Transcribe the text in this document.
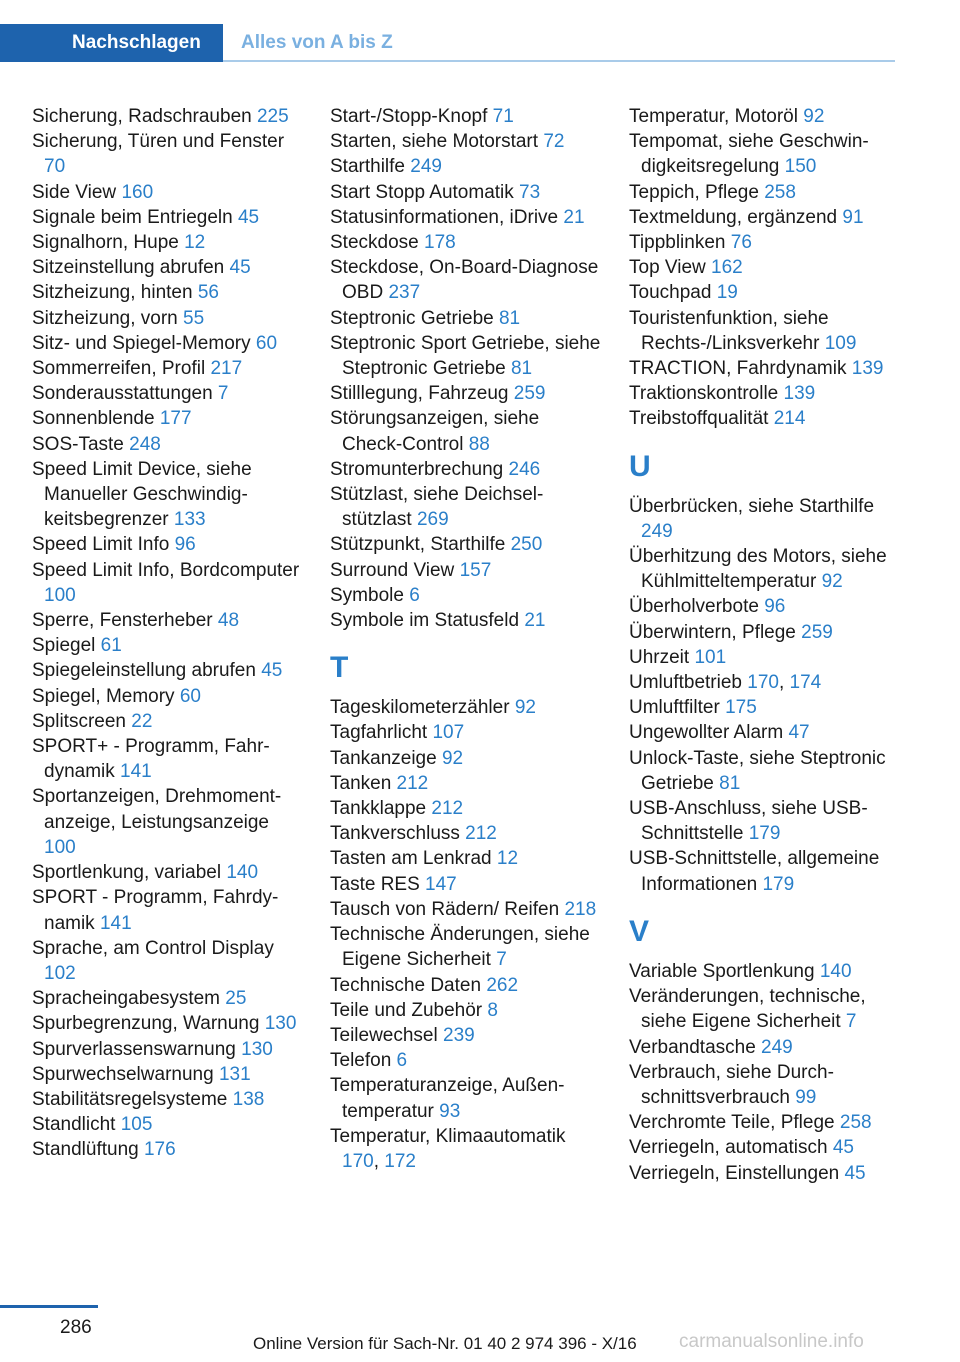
Nachschlagen Alles von A bis Z

Sicherung, Radschrauben 225

Sicherung, Türen und Fenster 70

Side View 160

Signale beim Entriegeln 45

Signalhorn, Hupe 12

Sitzeinstellung abrufen 45

Sitzheizung, hinten 56

Sitzheizung, vorn 55

Sitz- und Spiegel-Memory 60

Sommerreifen, Profil 217

Sonderausstattungen 7

Sonnenblende 177

SOS-Taste 248

Speed Limit Device, siehe Manueller Geschwindigkeitsbegrenzer 133

Speed Limit Info 96

Speed Limit Info, Bordcomputer 100

Sperre, Fensterheber 48

Spiegel 61

Spiegeleinstellung abrufen 45

Spiegel, Memory 60

Splitscreen 22

SPORT+ - Programm, Fahrdynamik 141

Sportanzeigen, Drehmomentanzeige, Leistungsanzeige 100

Sportlenkung, variabel 140

SPORT - Programm, Fahrdynamik 141

Sprache, am Control Display 102

Spracheingabesystem 25

Spurbegrenzung, Warnung 130

Spurverlassenswarnung 130

Spurwechselwarnung 131

Stabilitätsregelsysteme 138

Standlicht 105

Standlüftung 176

Start-/Stopp-Knopf 71

Starten, siehe Motorstart 72

Starthilfe 249

Start Stopp Automatik 73

Statusinformationen, iDrive 21

Steckdose 178

Steckdose, On-Board-Diagnose OBD 237

Steptronic Getriebe 81

Steptronic Sport Getriebe, siehe Steptronic Getriebe 81

Stilllegung, Fahrzeug 259

Störungsanzeigen, siehe Check-Control 88

Stromunterbrechung 246

Stützlast, siehe Deichselstützlast 269

Stützpunkt, Starthilfe 250

Surround View 157

Symbole 6

Symbole im Statusfeld 21

T

Tageskilometerzähler 92

Tagfahrlicht 107

Tankanzeige 92

Tanken 212

Tankklappe 212

Tankverschluss 212

Tasten am Lenkrad 12

Taste RES 147

Tausch von Rädern/ Reifen 218

Technische Änderungen, siehe Eigene Sicherheit 7

Technische Daten 262

Teile und Zubehör 8

Teilewechsel 239

Telefon 6

Temperaturanzeige, Außentemperatur 93

Temperatur, Klimaautomatik 170, 172

Temperatur, Motoröl 92

Tempomat, siehe Geschwindigkeitsregelung 150

Teppich, Pflege 258

Textmeldung, ergänzend 91

Tippblinken 76

Top View 162

Touchpad 19

Touristenfunktion, siehe Rechts-/Linksverkehr 109

TRACTION, Fahrdynamik 139

Traktionskontrolle 139

Treibstoffqualität 214

U

Überbrücken, siehe Starthilfe 249

Überhitzung des Motors, siehe Kühlmitteltemperatur 92

Überholverbote 96

Überwintern, Pflege 259

Uhrzeit 101

Umluftbetrieb 170, 174

Umluftfilter 175

Ungewollter Alarm 47

Unlock-Taste, siehe Steptronic Getriebe 81

USB-Anschluss, siehe USB-Schnittstelle 179

USB-Schnittstelle, allgemeine Informationen 179

V

Variable Sportlenkung 140

Veränderungen, technische, siehe Eigene Sicherheit 7

Verbandtasche 249

Verbrauch, siehe Durchschnittsverbrauch 99

Verchromte Teile, Pflege 258

Verriegeln, automatisch 45

Verriegeln, Einstellungen 45

286
Online Version für Sach-Nr. 01 40 2 974 396 - X/16 carmanualsonline.info
